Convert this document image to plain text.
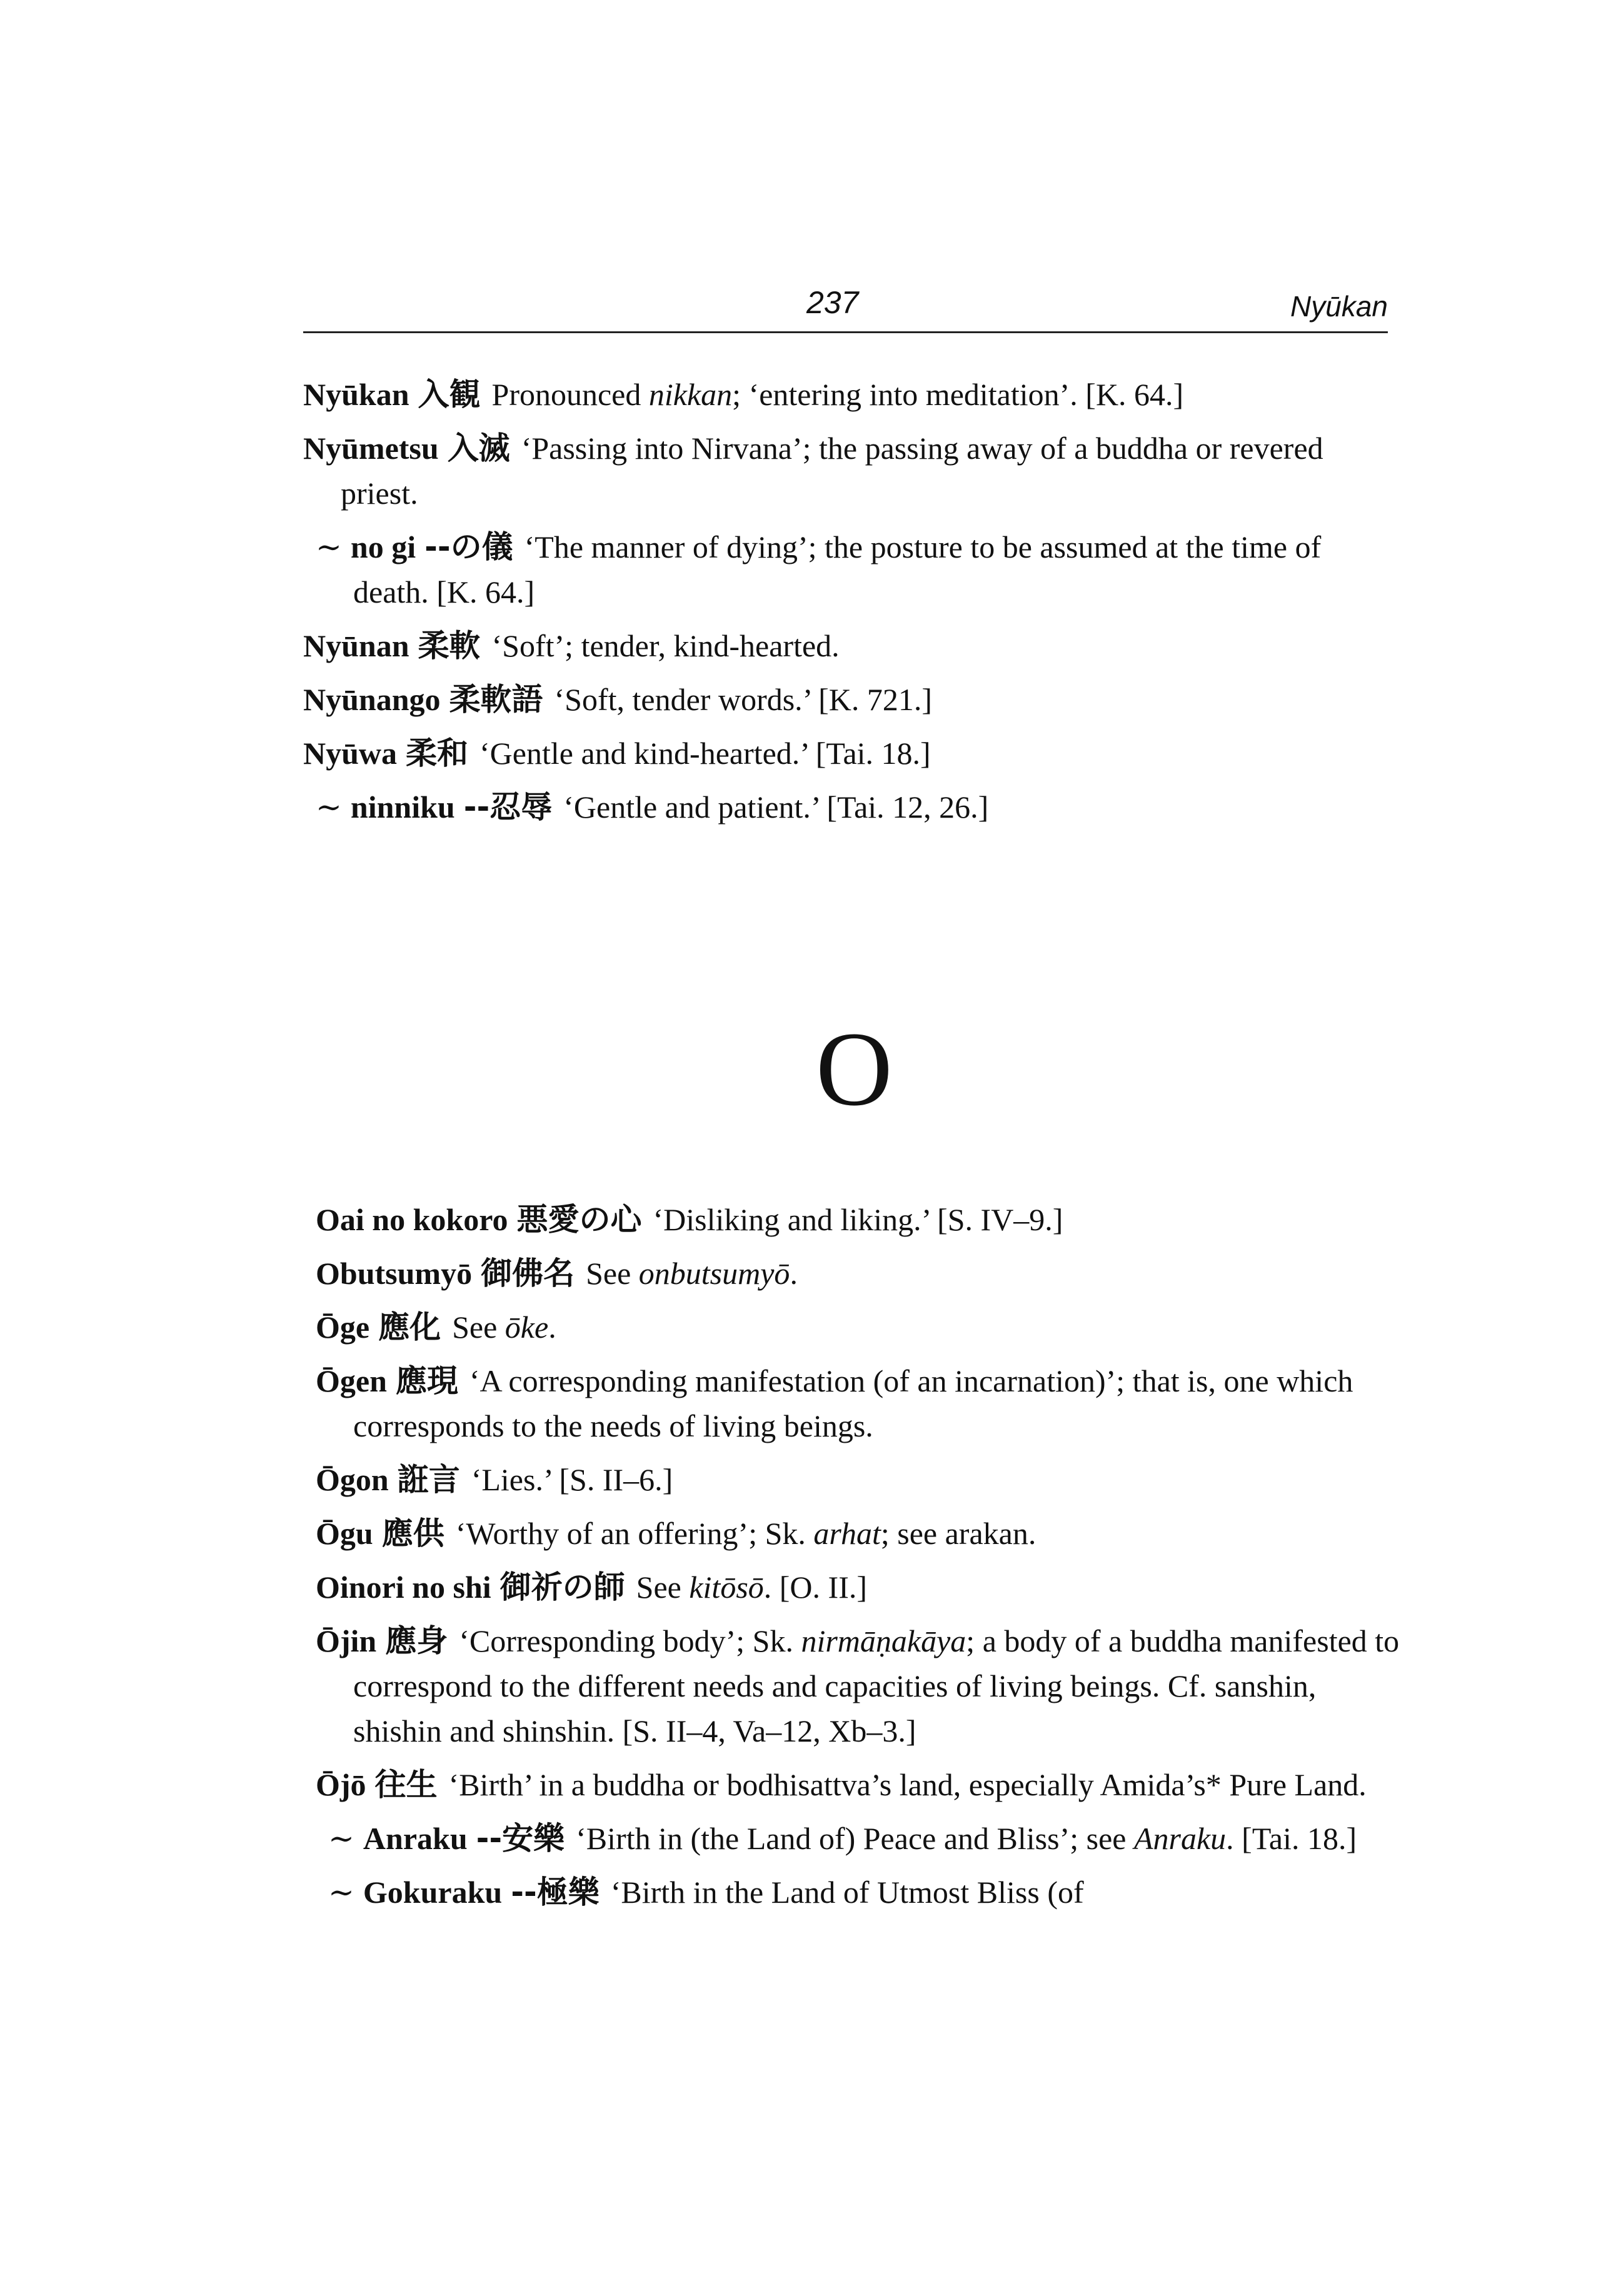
237	Nyūkan
Nyūkan 入観 Pronounced nikkan; ‘entering into meditation’. [K. 64.]
Nyūmetsu 入滅 ‘Passing into Nirvana’; the passing away of a buddha or revered priest.
∼ no gi --の儀 ‘The manner of dying’; the posture to be assumed at the time of death. [K. 64.]
Nyūnan 柔軟 ‘Soft’; tender, kind-hearted.
Nyūnango 柔軟語 ‘Soft, tender words.’ [K. 721.]
Nyūwa 柔和 ‘Gentle and kind-hearted.’ [Tai. 18.]
∼ ninniku --忍辱 ‘Gentle and patient.’ [Tai. 12, 26.]
O
Oai no kokoro 悪愛の心 ‘Disliking and liking.’ [S. IV–9.]
Obutsumyō 御佛名 See onbutsumyō.
Ōge 應化 See ōke.
Ōgen 應現 ‘A corresponding manifestation (of an incarnation)’; that is, one which corresponds to the needs of living beings.
Ōgon 誑言 ‘Lies.’ [S. II–6.]
Ōgu 應供 ‘Worthy of an offering’; Sk. arhat; see arakan.
Oinori no shi 御祈の師 See kitōsō. [O. II.]
Ōjin 應身 ‘Corresponding body’; Sk. nirmāṇakāya; a body of a buddha manifested to correspond to the different needs and capacities of living beings. Cf. sanshin, shishin and shinshin. [S. II–4, Va–12, Xb–3.]
Ōjō 往生 ‘Birth’ in a buddha or bodhisattva’s land, especially Amida’s* Pure Land.
∼ Anraku --安樂 ‘Birth in (the Land of) Peace and Bliss’; see Anraku. [Tai. 18.]
∼ Gokuraku --極樂 ‘Birth in the Land of Utmost Bliss (of
